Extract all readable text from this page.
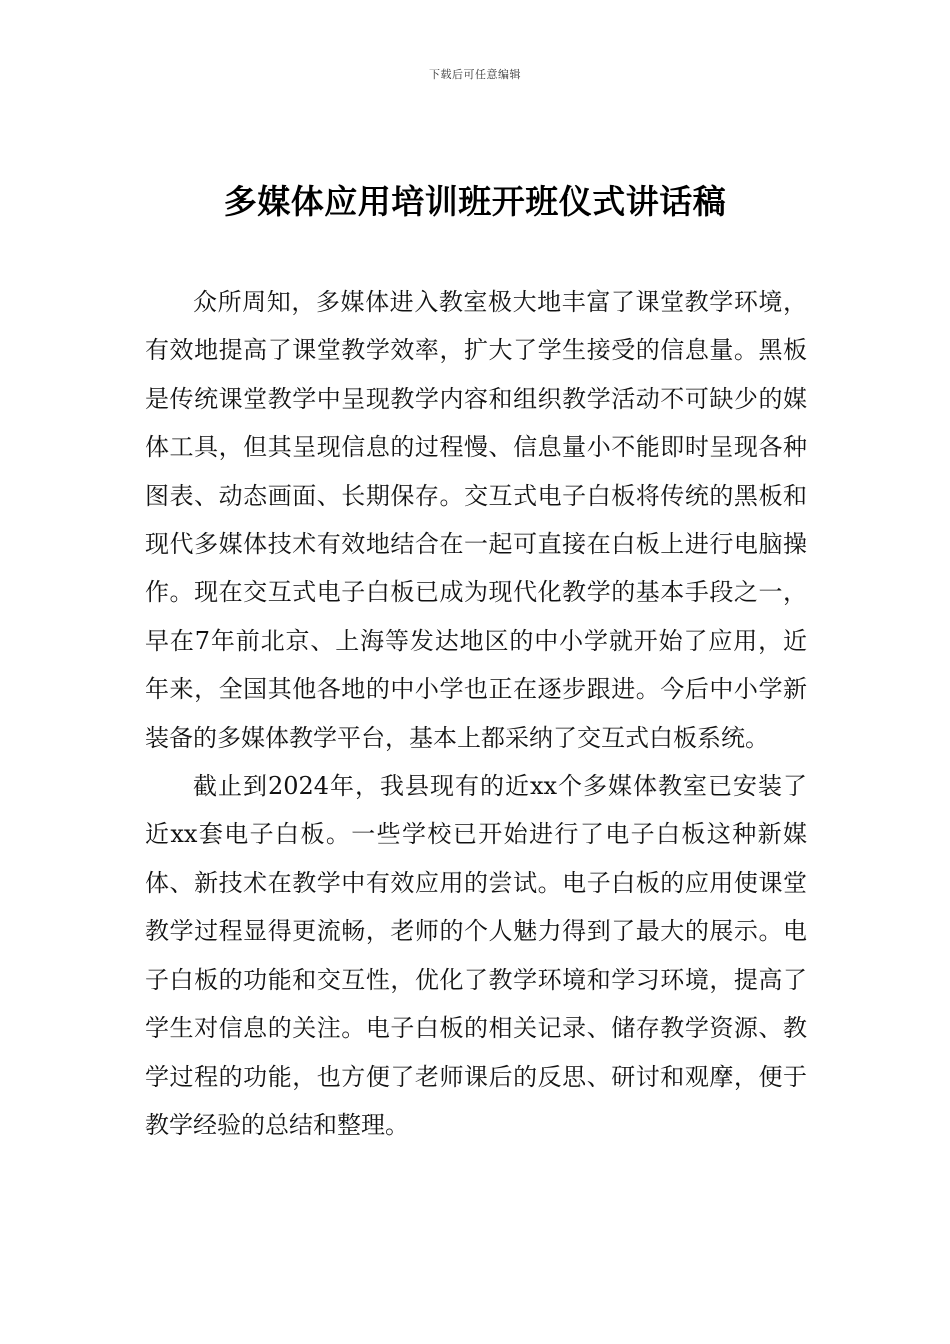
下载后可任意编辑
多媒体应用培训班开班仪式讲话稿

众所周知，多媒体进入教室极大地丰富了课堂教学环境，有效地提高了课堂教学效率，扩大了学生接受的信息量。黑板是传统课堂教学中呈现教学内容和组织教学活动不可缺少的媒体工具，但其呈现信息的过程慢、信息量小不能即时呈现各种图表、动态画面、长期保存。交互式电子白板将传统的黑板和现代多媒体技术有效地结合在一起可直接在白板上进行电脑操作。现在交互式电子白板已成为现代化教学的基本手段之一，早在7年前北京、上海等发达地区的中小学就开始了应用，近年来，全国其他各地的中小学也正在逐步跟进。今后中小学新装备的多媒体教学平台，基本上都采纳了交互式白板系统。

截止到2024年，我县现有的近xx个多媒体教室已安装了近xx套电子白板。一些学校已开始进行了电子白板这种新媒体、新技术在教学中有效应用的尝试。电子白板的应用使课堂教学过程显得更流畅，老师的个人魅力得到了最大的展示。电子白板的功能和交互性，优化了教学环境和学习环境，提高了学生对信息的关注。电子白板的相关记录、储存教学资源、教学过程的功能，也方便了老师课后的反思、研讨和观摩，便于教学经验的总结和整理。
